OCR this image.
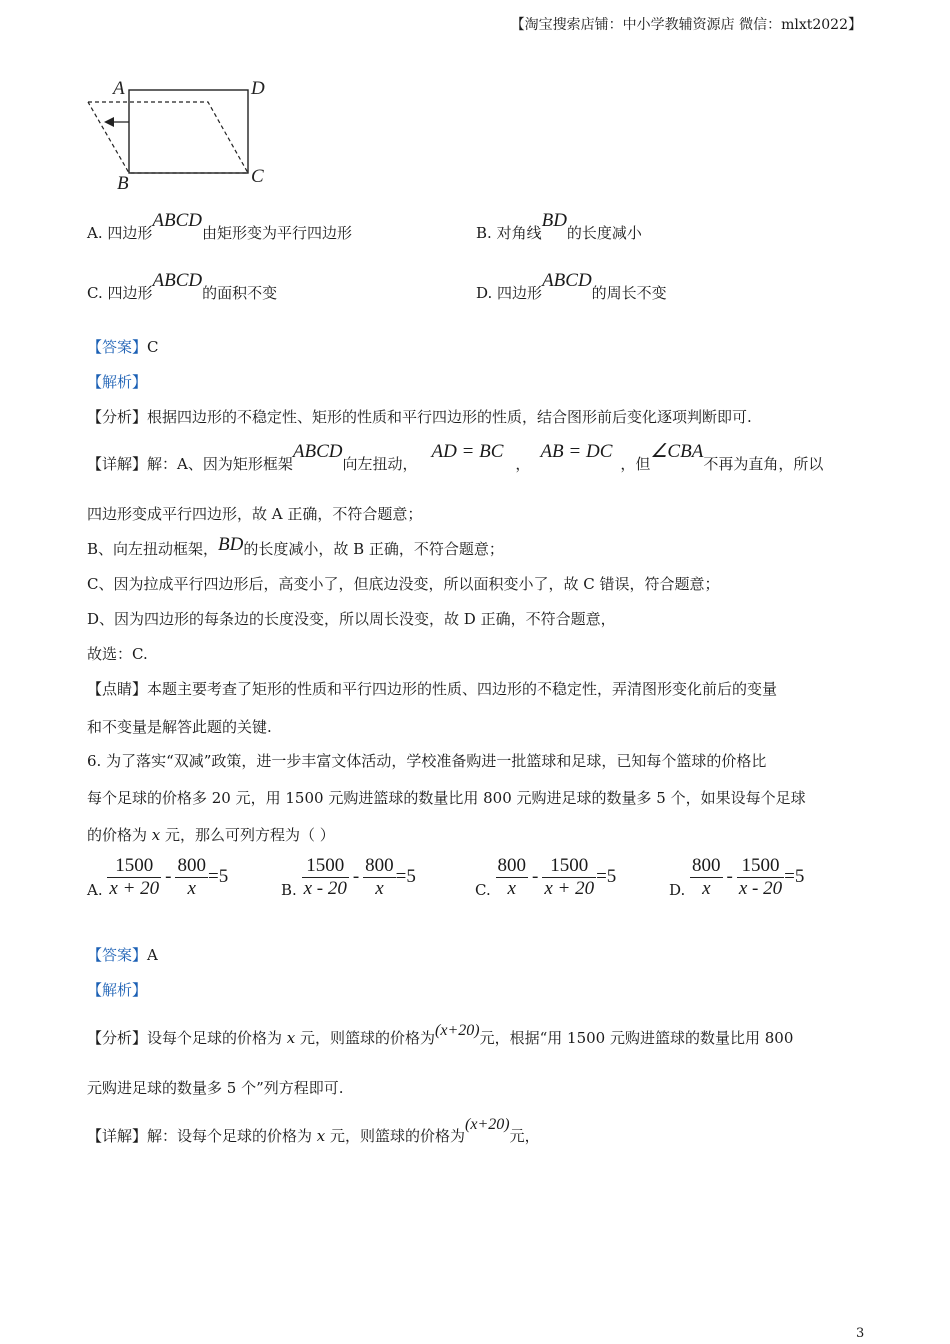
【淘宝搜索店铺：中小学教辅资源店 微信：mlxt2022】
A	D
B	C
A. 四边形ABCD由矩形变为平行四边形	B. 对角线BD的长度减小
C. 四边形ABCD的面积不变	D. 四边形ABCD的周长不变
【答案】C
【解析】
【分析】根据四边形的不稳定性、矩形的性质和平行四边形的性质，结合图形前后变化逐项判断即可.
【详解】解：A、因为矩形框架ABCD向左扭动，AD = BC，AB = DC，但∠CBA不再为直角，所以
四边形变成平行四边形，故 A 正确，不符合题意；
B、向左扭动框架，BD的长度减小，故 B 正确，不符合题意；
C、因为拉成平行四边形后，高变小了，但底边没变，所以面积变小了，故 C 错误，符合题意；
D、因为四边形的每条边的长度没变，所以周长没变，故 D 正确，不符合题意，
故选：C.
【点睛】本题主要考查了矩形的性质和平行四边形的性质、四边形的不稳定性，弄清图形变化前后的变量
和不变量是解答此题的关键.
6. 为了落实“双减”政策，进一步丰富文体活动，学校准备购进一批篮球和足球，已知每个篮球的价格比
每个足球的价格多 20 元，用 1500 元购进篮球的数量比用 800 元购进足球的数量多 5 个，如果设每个足球
的价格为 x 元，那么可列方程为（ ）
A. $\frac{1500}{x + 20} - \frac{800}{x} =5$
B. $\frac{1500}{x - 20} - \frac{800}{x} =5$
C. $\frac{800}{x} - \frac{1500}{x + 20} =5$
D. $\frac{800}{x} - \frac{1500}{x - 20} =5$
【答案】A
【解析】
【分析】设每个足球的价格为 x 元，则篮球的价格为(x+20)元，根据“用 1500 元购进篮球的数量比用 800
元购进足球的数量多 5 个”列方程即可.
【详解】解：设每个足球的价格为 x 元，则篮球的价格为(x+20)元，
3
